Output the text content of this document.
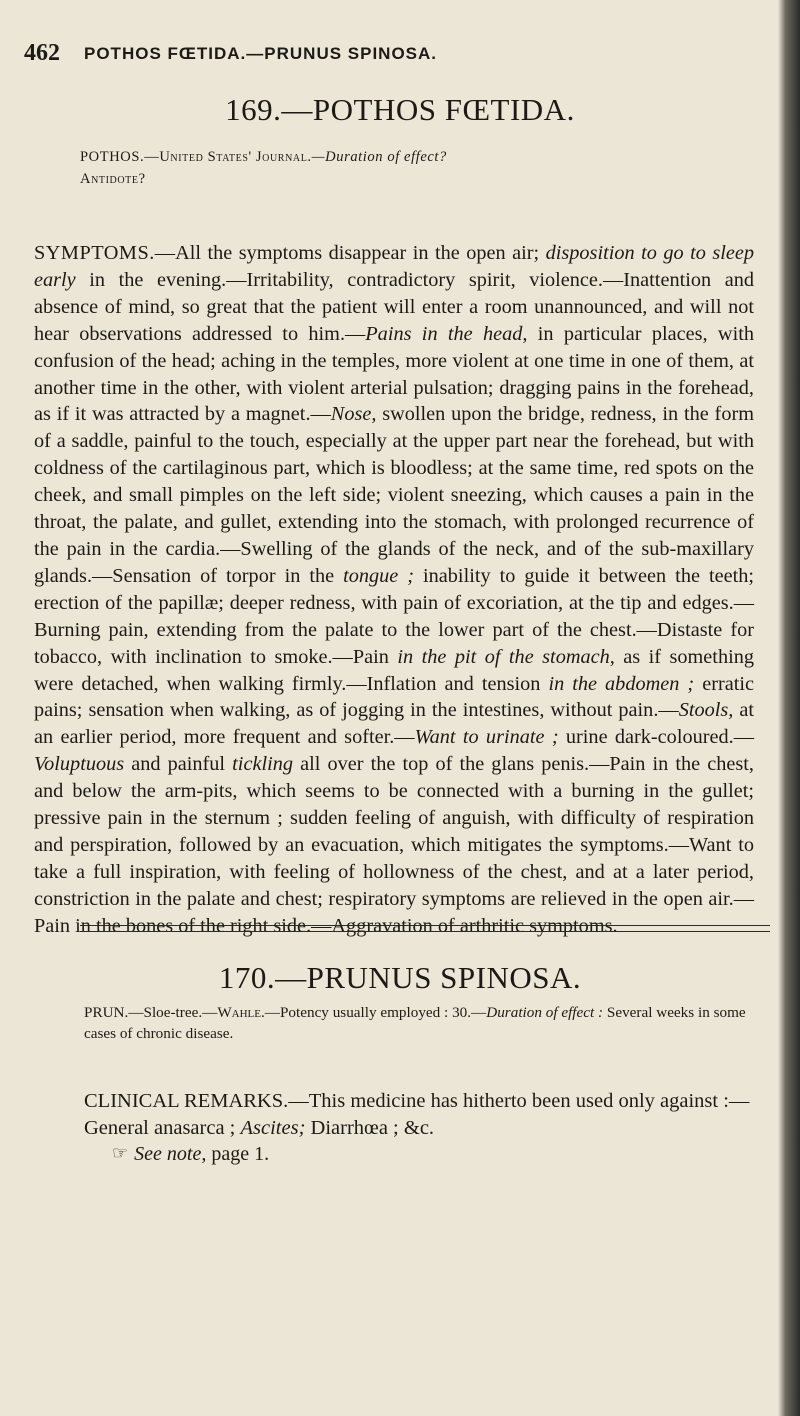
462 POTHOS FŒTIDA.—PRUNUS SPINOSA.
169.—POTHOS FŒTIDA.
POTHOS.—United States' Journal.—Duration of effect?
Antidote?

SYMPTOMS.—All the symptoms disappear in the open air; disposition to go to sleep early in the evening.—Irritability, contradictory spirit, violence.—Inattention and absence of mind, so great that the patient will enter a room unannounced, and will not hear observations addressed to him.—Pains in the head, in particular places, with confusion of the head; aching in the temples, more violent at one time in one of them, at another time in the other, with violent arterial pulsation; dragging pains in the forehead, as if it was attracted by a magnet.—Nose, swollen upon the bridge, redness, in the form of a saddle, painful to the touch, especially at the upper part near the forehead, but with coldness of the cartilaginous part, which is bloodless; at the same time, red spots on the cheek, and small pimples on the left side; violent sneezing, which causes a pain in the throat, the palate, and gullet, extending into the stomach, with prolonged recurrence of the pain in the cardia.—Swelling of the glands of the neck, and of the sub-maxillary glands.—Sensation of torpor in the tongue ; inability to guide it between the teeth; erection of the papillæ; deeper redness, with pain of excoriation, at the tip and edges.—Burning pain, extending from the palate to the lower part of the chest.—Distaste for tobacco, with inclination to smoke.—Pain in the pit of the stomach, as if something were detached, when walking firmly.—Inflation and tension in the abdomen ; erratic pains; sensation when walking, as of jogging in the intestines, without pain.—Stools, at an earlier period, more frequent and softer.—Want to urinate ; urine dark-coloured.—Voluptuous and painful tickling all over the top of the glans penis.—Pain in the chest, and below the arm-pits, which seems to be connected with a burning in the gullet; pressive pain in the sternum ; sudden feeling of anguish, with difficulty of respiration and perspiration, followed by an evacuation, which mitigates the symptoms.—Want to take a full inspiration, with feeling of hollowness of the chest, and at a later period, constriction in the palate and chest; respiratory symptoms are relieved in the open air.—Pain in the bones of the right side.—Aggravation of arthritic symptoms.

170.—PRUNUS SPINOSA.

PRUN.—Sloe-tree.—Wahle.—Potency usually employed : 30.—Duration of effect : Several weeks in some cases of chronic disease.

CLINICAL REMARKS.—This medicine has hitherto been used only against :—General anasarca ; Ascites; Diarrhœa ; &c.

☞ See note, page 1.
